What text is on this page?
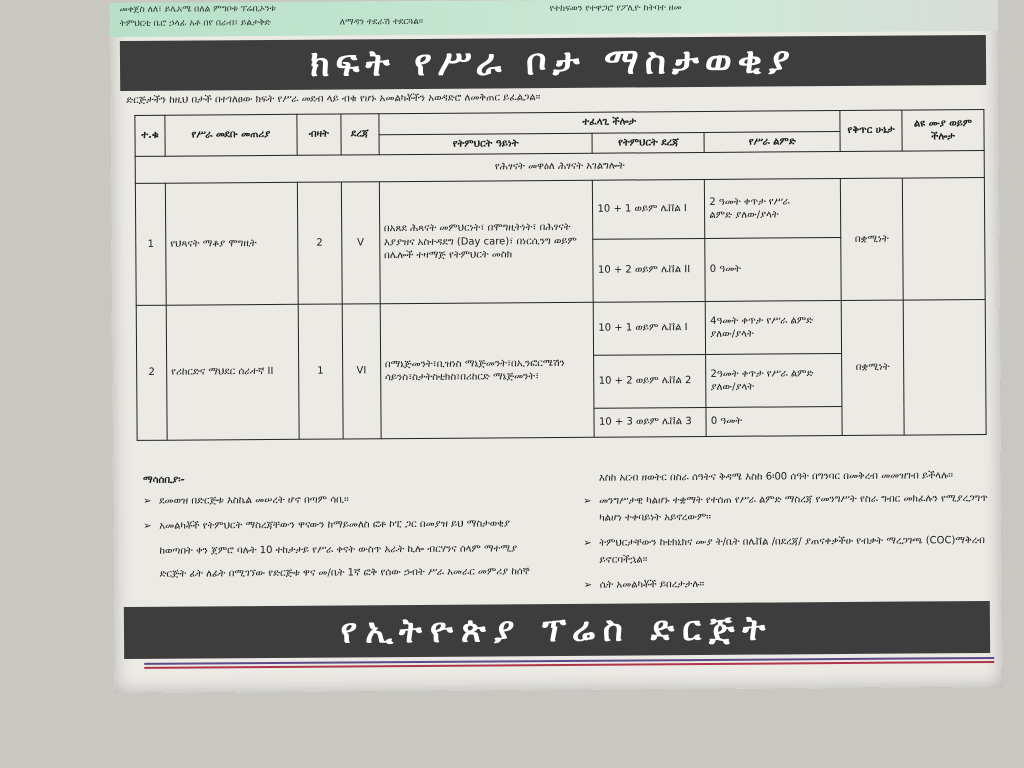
መቀጀስ ለለ፣ ይሌአሜ በለል ምግቦቱ ፕሬቢኦንቱ
ትምህርቲ ቤሮ ኃላፊ አቶ በየ በራብ፣ ይልታቅድ	ለማዳን ተደራሽ ተደርጓል፡፡
የተከፍወን የተዋጋሮ የፖሊዮ ከትባተ ዘመ
ክፍት የሥራ ቦታ ማስታወቂያ
ድርጅታችን ከዚህ በታች በተገለፀው ክፍት የሥራ መደብ ላይ ብቁ የሆኑ አመልካቾችን አወዳድሮ ለመቅጠር ይፈልጋል፡፡
ተ.ቁ	የሥራ መደቡ መጠሪያ	ብዛት	ደረጃ	ተፈላጊ ችሎታ			የቅጥር ሁኔታ	ልዩ ሙያ ወይም ችሎታ
				የትምህርት ዓይነት	የትምህርት ደረጃ	የሥራ ልምድ		
የሕፃናት መዋዕለ ሕፃናት አገልግሎት								
1	የህጻናት ማቆያ ሞግዚት	2	V	በአጸደ ሕጻናት መምህርነት፣ በሞግዚትነት፣ በሕፃናት እያያዝና አስተዳደግ (Day care)፣ በነርሲንግ ወይም በሌሎች ተዛማጅ የትምህርት መስክ	10 + 1 ወይም ሌቨል I	2 ዓመት ቀጥታ የሥራ
ልምድ ያለው/ያላት	በቋሚነት	
					10 + 2 ወይም ሌቨል II	0 ዓመት		
2	የሪከርድና ማህደር ሰራተኛ II	1	VI	በማኔጅመንት፣ቢዝነስ ማኔጅመንት፣በኢንፎርሜሽን ሳይንስ፣ስታትስቲክስ፣በሪከርድ ማኔጅመንት፣	10 + 1 ወይም ሌቨል I	4ዓመት ቀጥታ የሥራ ልምድ
ያለው/ያላት	በቋሚነት	
					10 + 2 ወይም ሌቨል 2	2ዓመት ቀጥታ የሥራ ልምድ
ያለው/ያላት		

					10 + 3 ወይም ሌቨል 3	0 ዓመት		
ማሳሰቢያ፡-
➢ ደመወዝ በድርጅቱ እስኬል መሠረት ሆኖ በጣም ሳቢ፡፡
➢ አመልካቾች የትምህርት ማስረጃቸውን ዋናውን ከማይመለስ ፎቶ ኮፒ ጋር በመያዝ ይህ ማስታወቂያ
ከወጣበት ቀን ጀምሮ ባሉት 10 ተከታታይ የሥራ ቀናት ውስጥ አራት ኪሎ ብርሃንና ሰላም ማተሚያ
ድርጅት ፊት ለፊት በሚገኘው የድርጅቱ ዋና መ/ቤት 1ኛ ፎቅ የሰው ኃብት ሥራ አመራር መምሪያ ከሰኞ
እስከ አርብ ዘወትር በስራ ሰዓትና ቅዳሜ እስከ 6፡00 ሰዓት በግንባር በመቅረብ መመዝገብ ይችላሉ፡፡
➢ መንግሥታዊ ካልሆኑ ተቋማት የተሰጠ የሥራ ልምድ ማስረጃ የመንግሥት የስራ ግብር መክፈሉን የሚያረጋግጥ ካልሆነ ተቀባይነት አይኖረውም፡፡
➢ ትምህርታቸውን ከቴክኒክና ሙያ ት/ቤት በሌቨል /በደረጃ/ ያጠናቀቃችሁ የብቃት ማረጋገጫ (COC)ማቅረብ ይኖርባችኋል፡፡
➢ ሴት አመልካቾች ይበረታታሉ፡፡
የኢትዮጵያ ፕሬስ ድርጅት
